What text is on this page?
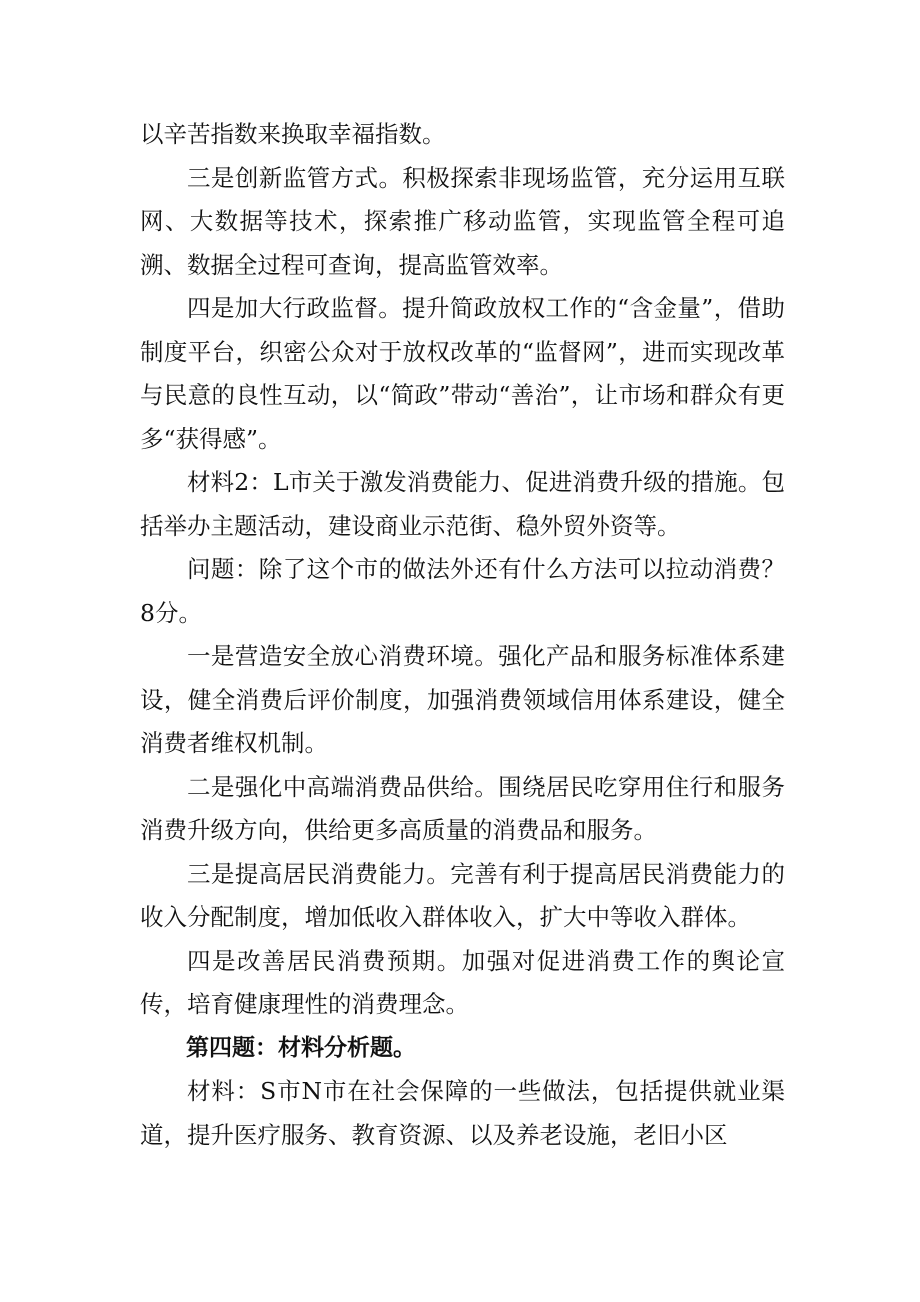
以辛苦指数来换取幸福指数。

三是创新监管方式。积极探索非现场监管，充分运用互联网、大数据等技术，探索推广移动监管，实现监管全程可追溯、数据全过程可查询，提高监管效率。

四是加大行政监督。提升简政放权工作的“含金量”，借助制度平台，织密公众对于放权改革的“监督网”，进而实现改革与民意的良性互动，以“简政”带动“善治”，让市场和群众有更多“获得感”。

材料2：L市关于激发消费能力、促进消费升级的措施。包括举办主题活动，建设商业示范街、稳外贸外资等。

问题：除了这个市的做法外还有什么方法可以拉动消费？8分。

一是营造安全放心消费环境。强化产品和服务标准体系建设，健全消费后评价制度，加强消费领域信用体系建设，健全消费者维权机制。

二是强化中高端消费品供给。围绕居民吃穿用住行和服务消费升级方向，供给更多高质量的消费品和服务。

三是提高居民消费能力。完善有利于提高居民消费能力的收入分配制度，增加低收入群体收入，扩大中等收入群体。

四是改善居民消费预期。加强对促进消费工作的舆论宣传，培育健康理性的消费理念。

第四题：材料分析题。

材料：S市N市在社会保障的一些做法，包括提供就业渠道，提升医疗服务、教育资源、以及养老设施，老旧小区
